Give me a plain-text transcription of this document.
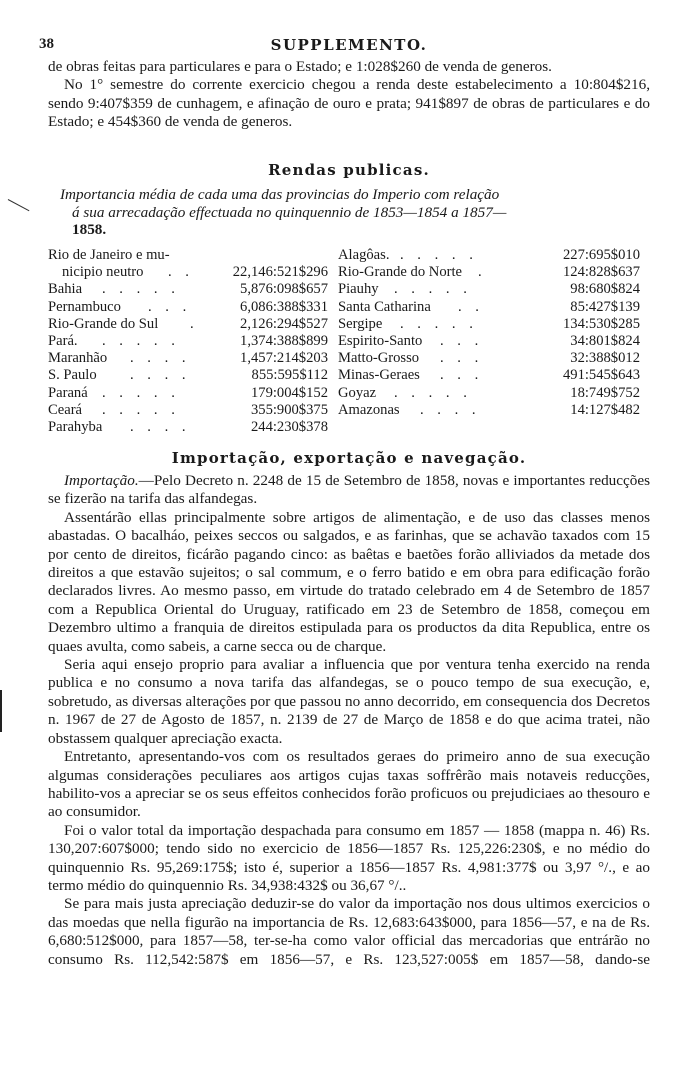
38	SUPPLEMENTO.

de obras feitas para particulares e para o Estado; e 1:028$260 de venda de generos.

No 1° semestre do corrente exercicio chegou a renda deste estabelecimento a 10:804$216, sendo 9:407$359 de cunhagem, e afinação de ouro e prata; 941$897 de obras de particulares e do Estado; e 454$360 de venda de generos.

Rendas publicas.
Importancia média de cada uma das provincias do Imperio com relação
á sua arrecadação effectuada no quinquennio de 1853—1854 a 1857—
1858.
Rio de Janeiro e mu-
nicipio neutro . .	22,146:521$296
Bahia . . . . .	5,876:098$657
Pernambuco . . .	6,086:388$331
Rio-Grande do Sul .	2,126:294$527
Pará. . . . . .	1,374:388$899
Maranhão . . . .	1,457:214$203
S. Paulo . . . .	855:595$112
Paraná . . . . .	179:004$152
Ceará . . . . .	355:900$375
Parahyba . . . .	244:230$378
Alagôas. . . . . .	227:695$010
Rio-Grande do Norte .	124:828$637
Piauhy . . . . .	98:680$824
Santa Catharina . .	85:427$139
Sergipe . . . . .	134:530$285
Espirito-Santo . . .	34:801$824
Matto-Grosso . . .	32:388$012
Minas-Geraes . . .	491:545$643
Goyaz . . . . .	18:749$752
Amazonas . . . .	14:127$482
Importação, exportação e navegação.

Importação.—Pelo Decreto n. 2248 de 15 de Setembro de 1858, novas e importantes reducções se fizerão na tarifa das alfandegas.

Assentárão ellas principalmente sobre artigos de alimentação, e de uso das classes menos abastadas. O bacalháo, peixes seccos ou salgados, e as farinhas, que se achavão taxados com 15 por cento de direitos, ficárão pagando cinco: as baêtas e baetões forão alliviados da metade dos direitos a que estavão sujeitos; o sal commum, e o ferro batido e em obra para edificação forão declarados livres. Ao mesmo passo, em virtude do tratado celebrado em 4 de Setembro de 1857 com a Republica Oriental do Uruguay, ratificado em 23 de Setembro de 1858, começou em Dezembro ultimo a franquia de direitos estipulada para os productos da dita Republica, entre os quaes avulta, como sabeis, a carne secca ou de charque.

Seria aqui ensejo proprio para avaliar a influencia que por ventura tenha exercido na renda publica e no consumo a nova tarifa das alfandegas, se o pouco tempo de sua execução, e, sobretudo, as diversas alterações por que passou no anno decorrido, em consequencia dos Decretos n. 1967 de 27 de Agosto de 1857, n. 2139 de 27 de Março de 1858 e do que acima tratei, não obstassem qualquer apreciação exacta.

Entretanto, apresentando-vos com os resultados geraes do primeiro anno de sua execução algumas considerações peculiares aos artigos cujas taxas soffrêrão mais notaveis reducções, habilito-vos a apreciar se os seus effeitos conhecidos forão proficuos ou prejudiciaes ao thesouro e ao consumidor.

Foi o valor total da importação despachada para consumo em 1857 — 1858 (mappa n. 46) Rs. 130,207:607$000; tendo sido no exercicio de 1856—1857 Rs. 125,226:230$, e no médio do quinquennio Rs. 95,269:175$; isto é, superior a 1856—1857 Rs. 4,981:377$ ou 3,97 °/., e ao termo médio do quinquennio Rs. 34,938:432$ ou 36,67 °/..

Se para mais justa apreciação deduzir-se do valor da importação nos dous ultimos exercicios o das moedas que nella figurão na importancia de Rs. 12,683:643$000, para 1856—57, e na de Rs. 6,680:512$000, para 1857—58, ter-se-ha como valor official das mercadorias que entrárão no consumo Rs. 112,542:587$ em 1856—57, e Rs. 123,527:005$ em 1857—58, dando-se
